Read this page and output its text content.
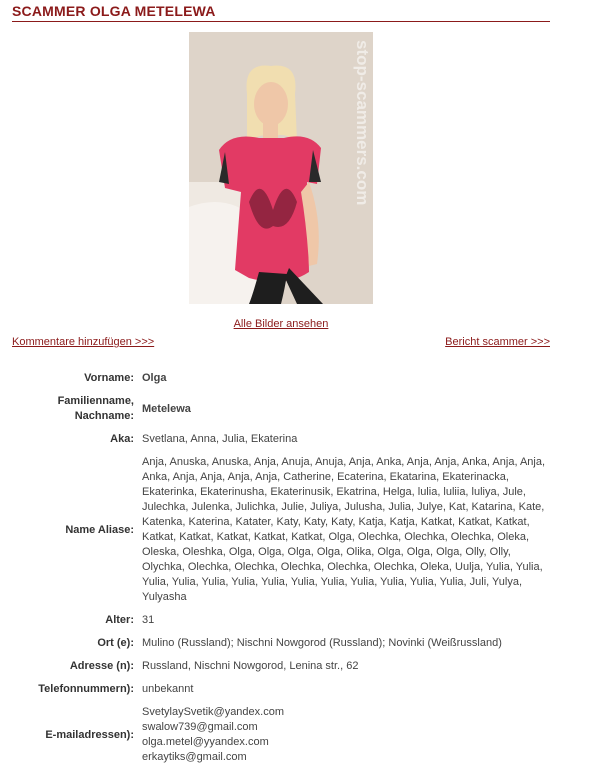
SCAMMER OLGA METELEWA
stop-scammers.com
Alle Bilder ansehen
Kommentare hinzufügen >>>	Bericht scammer >>>
Vorname:	Olga

Familienname,
Nachname:	Metelewa
Aka:	Svetlana, Anna, Julia, Ekaterina
Name Aliase:	Anja, Anuska, Anuska, Anja, Anuja, Anuja, Anja, Anka, Anja, Anja, Anka, Anja, Anja, Anka, Anja, Anja, Anja, Anja, Catherine, Ecaterina, Ekatarina, Ekaterinacka, Ekaterinka, Ekaterinusha, Ekaterinusik, Ekatrina, Helga, lulia, luliia, luliya, Jule, Julechka, Julenka, Julichka, Julie, Juliya, Julusha, Julia, Julye, Kat, Katarina, Kate, Katenka, Katerina, Katater, Katy, Katy, Katy, Katja, Katja, Katkat, Katkat, Katkat, Katkat, Katkat, Katkat, Katkat, Katkat, Olga, Olechka, Olechka, Olechka, Oleka, Oleska, Oleshka, Olga, Olga, Olga, Olga, Olika, Olga, Olga, Olga, Olly, Olly, Olychka, Olechka, Olechka, Olechka, Olechka, Olechka, Oleka, Uulja, Yulia, Yulia, Yulia, Yulia, Yulia, Yulia, Yulia, Yulia, Yulia, Yulia, Yulia, Yulia, Yulia, Juli, Yulya, Yulyasha
Alter:	31
Ort (e):	Mulino (Russland); Nischni Nowgorod (Russland); Novinki (Weißrussland)
Adresse (n):	Russland, Nischni Nowgorod, Lenina str., 62
Telefonnummern):	unbekannt
E-mailadressen):	SvetylaySvetik@yandex.com
swalow739@gmail.com
olga.metel@yyandex.com
erkaytiks@gmail.com
